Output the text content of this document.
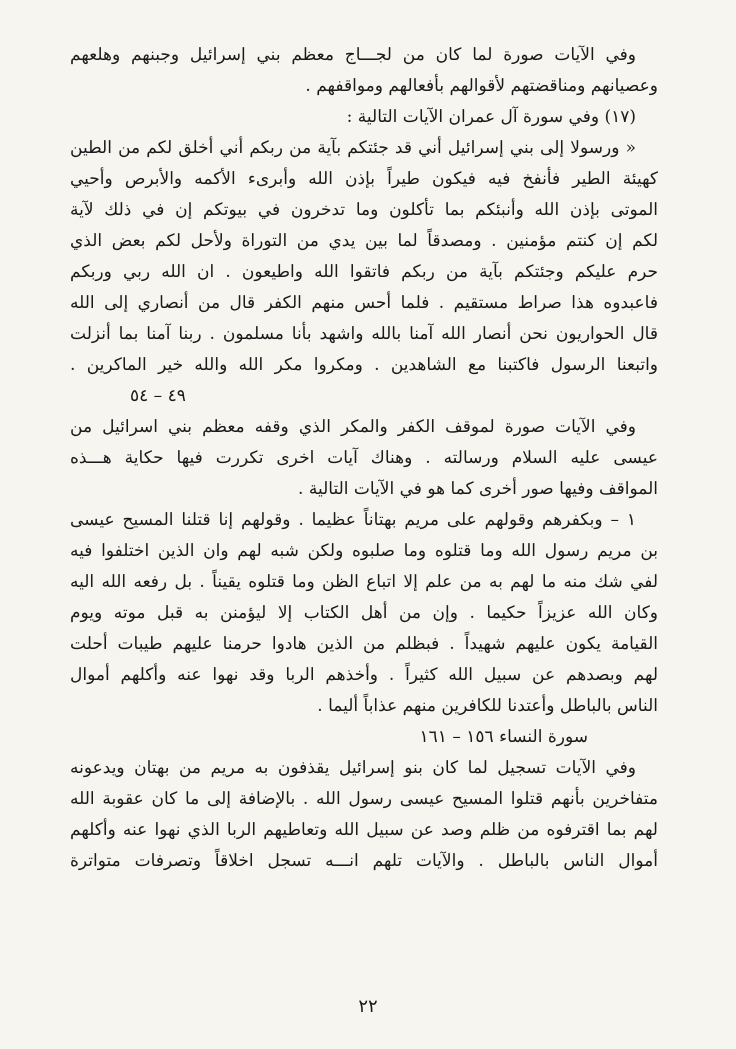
وفي الآيات صورة لما كان من لجـــاج معظم بني إسرائيل وجبنهم وهلعهم
وعصيانهم ومناقضتهم لأقوالهم بأفعالهم ومواقفهم .
(١٧) وفي سورة آل عمران الآيات التالية :
« ورسولا إلى بني إسرائيل أني قد جئتكم بآية من ربكم أني أخلق لكم من الطين
كهيئة الطير فأنفخ فيه فيكون طيراً بإذن الله وأبرىء الأكمه والأبرص وأحيي
الموتى بإذن الله وأنبئكم بما تأكلون وما تدخرون في بيوتكم إن في ذلك لآية
لكم إن كنتم مؤمنين . ومصدقاً لما بين يدي من التوراة ولأحل لكم بعض الذي
حرم عليكم وجئتكم بآية من ربكم فاتقوا الله واطيعون . ان الله ربي وربكم
فاعبدوه هذا صراط مستقيم . فلما أحس منهم الكفر قال من أنصاري إلى الله
قال الحواريون نحن أنصار الله آمنا بالله واشهد بأنا مسلمون . ربنا آمنا بما أنزلت
واتبعنا الرسول فاكتبنا مع الشاهدين . ومكروا مكر الله والله خير الماكرين .
٤٩ – ٥٤
وفي الآيات صورة لموقف الكفر والمكر الذي وقفه معظم بني اسرائيل من
عيسى عليه السلام ورسالته . وهناك آيات اخرى تكررت فيها حكاية هـــذه
المواقف وفيها صور أخرى كما هو في الآيات التالية .
١ – وبكفرهم وقولهم على مريم بهتاناً عظيما . وقولهم إنا قتلنا المسيح عيسى
بن مريم رسول الله وما قتلوه وما صلبوه ولكن شبه لهم وان الذين اختلفوا فيه
لفي شك منه ما لهم به من علم إلا اتباع الظن وما قتلوه يقيناً . بل رفعه الله اليه
وكان الله عزيزاً حكيما . وإن من أهل الكتاب إلا ليؤمنن به قبل موته ويوم
القيامة يكون عليهم شهيداً . فبظلم من الذين هادوا حرمنا عليهم طيبات أحلت
لهم وبصدهم عن سبيل الله كثيراً . وأخذهم الربا وقد نهوا عنه وأكلهم أموال
الناس بالباطل وأعتدنا للكافرين منهم عذاباً أليما .
سورة النساء ١٥٦ – ١٦١
وفي الآيات تسجيل لما كان بنو إسرائيل يقذفون به مريم من بهتان ويدعونه
متفاخرين بأنهم قتلوا المسيح عيسى رسول الله . بالإضافة إلى ما كان عقوبة الله
لهم بما اقترفوه من ظلم وصد عن سبيل الله وتعاطيهم الربا الذي نهوا عنه وأكلهم
أموال الناس بالباطل . والآيات تلهم انـــه تسجل اخلاقاً وتصرفات متواترة
٢٢
